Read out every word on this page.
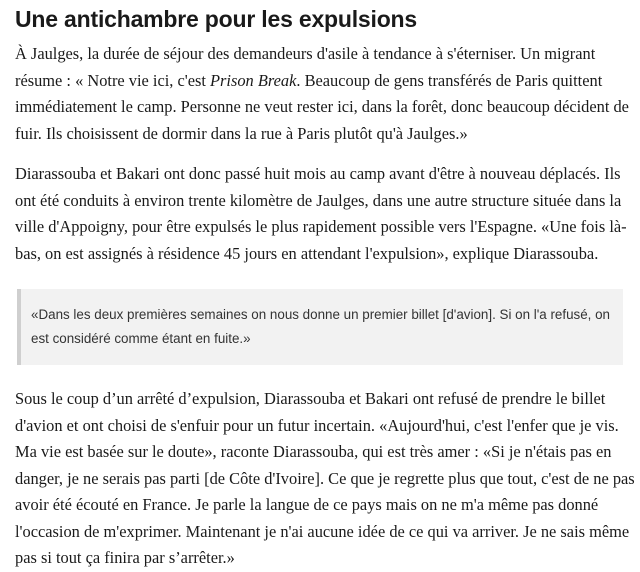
Une antichambre pour les expulsions

À Jaulges, la durée de séjour des demandeurs d'asile à tendance à s'éterniser. Un migrant résume : « Notre vie ici, c'est Prison Break. Beaucoup de gens transférés de Paris quittent immédiatement le camp. Personne ne veut rester ici, dans la forêt, donc beaucoup décident de fuir. Ils choisissent de dormir dans la rue à Paris plutôt qu'à Jaulges.»

Diarassouba et Bakari ont donc passé huit mois au camp avant d'être à nouveau déplacés. Ils ont été conduits à environ trente kilomètre de Jaulges, dans une autre structure située dans la ville d'Appoigny, pour être expulsés le plus rapidement possible vers l'Espagne. «Une fois là-bas, on est assignés à résidence 45 jours en attendant l'expulsion», explique Diarassouba.

«Dans les deux premières semaines on nous donne un premier billet [d'avion]. Si on l'a refusé, on est considéré comme étant en fuite.»

Sous le coup d’un arrêté d’expulsion, Diarassouba et Bakari ont refusé de prendre le billet d'avion et ont choisi de s'enfuir pour un futur incertain. «Aujourd'hui, c'est l'enfer que je vis. Ma vie est basée sur le doute», raconte Diarassouba, qui est très amer : «Si je n'étais pas en danger, je ne serais pas parti [de Côte d'Ivoire]. Ce que je regrette plus que tout, c'est de ne pas avoir été écouté en France. Je parle la langue de ce pays mais on ne m'a même pas donné l'occasion de m'exprimer. Maintenant je n'ai aucune idée de ce qui va arriver. Je ne sais même pas si tout ça finira par s’arrêter.»
